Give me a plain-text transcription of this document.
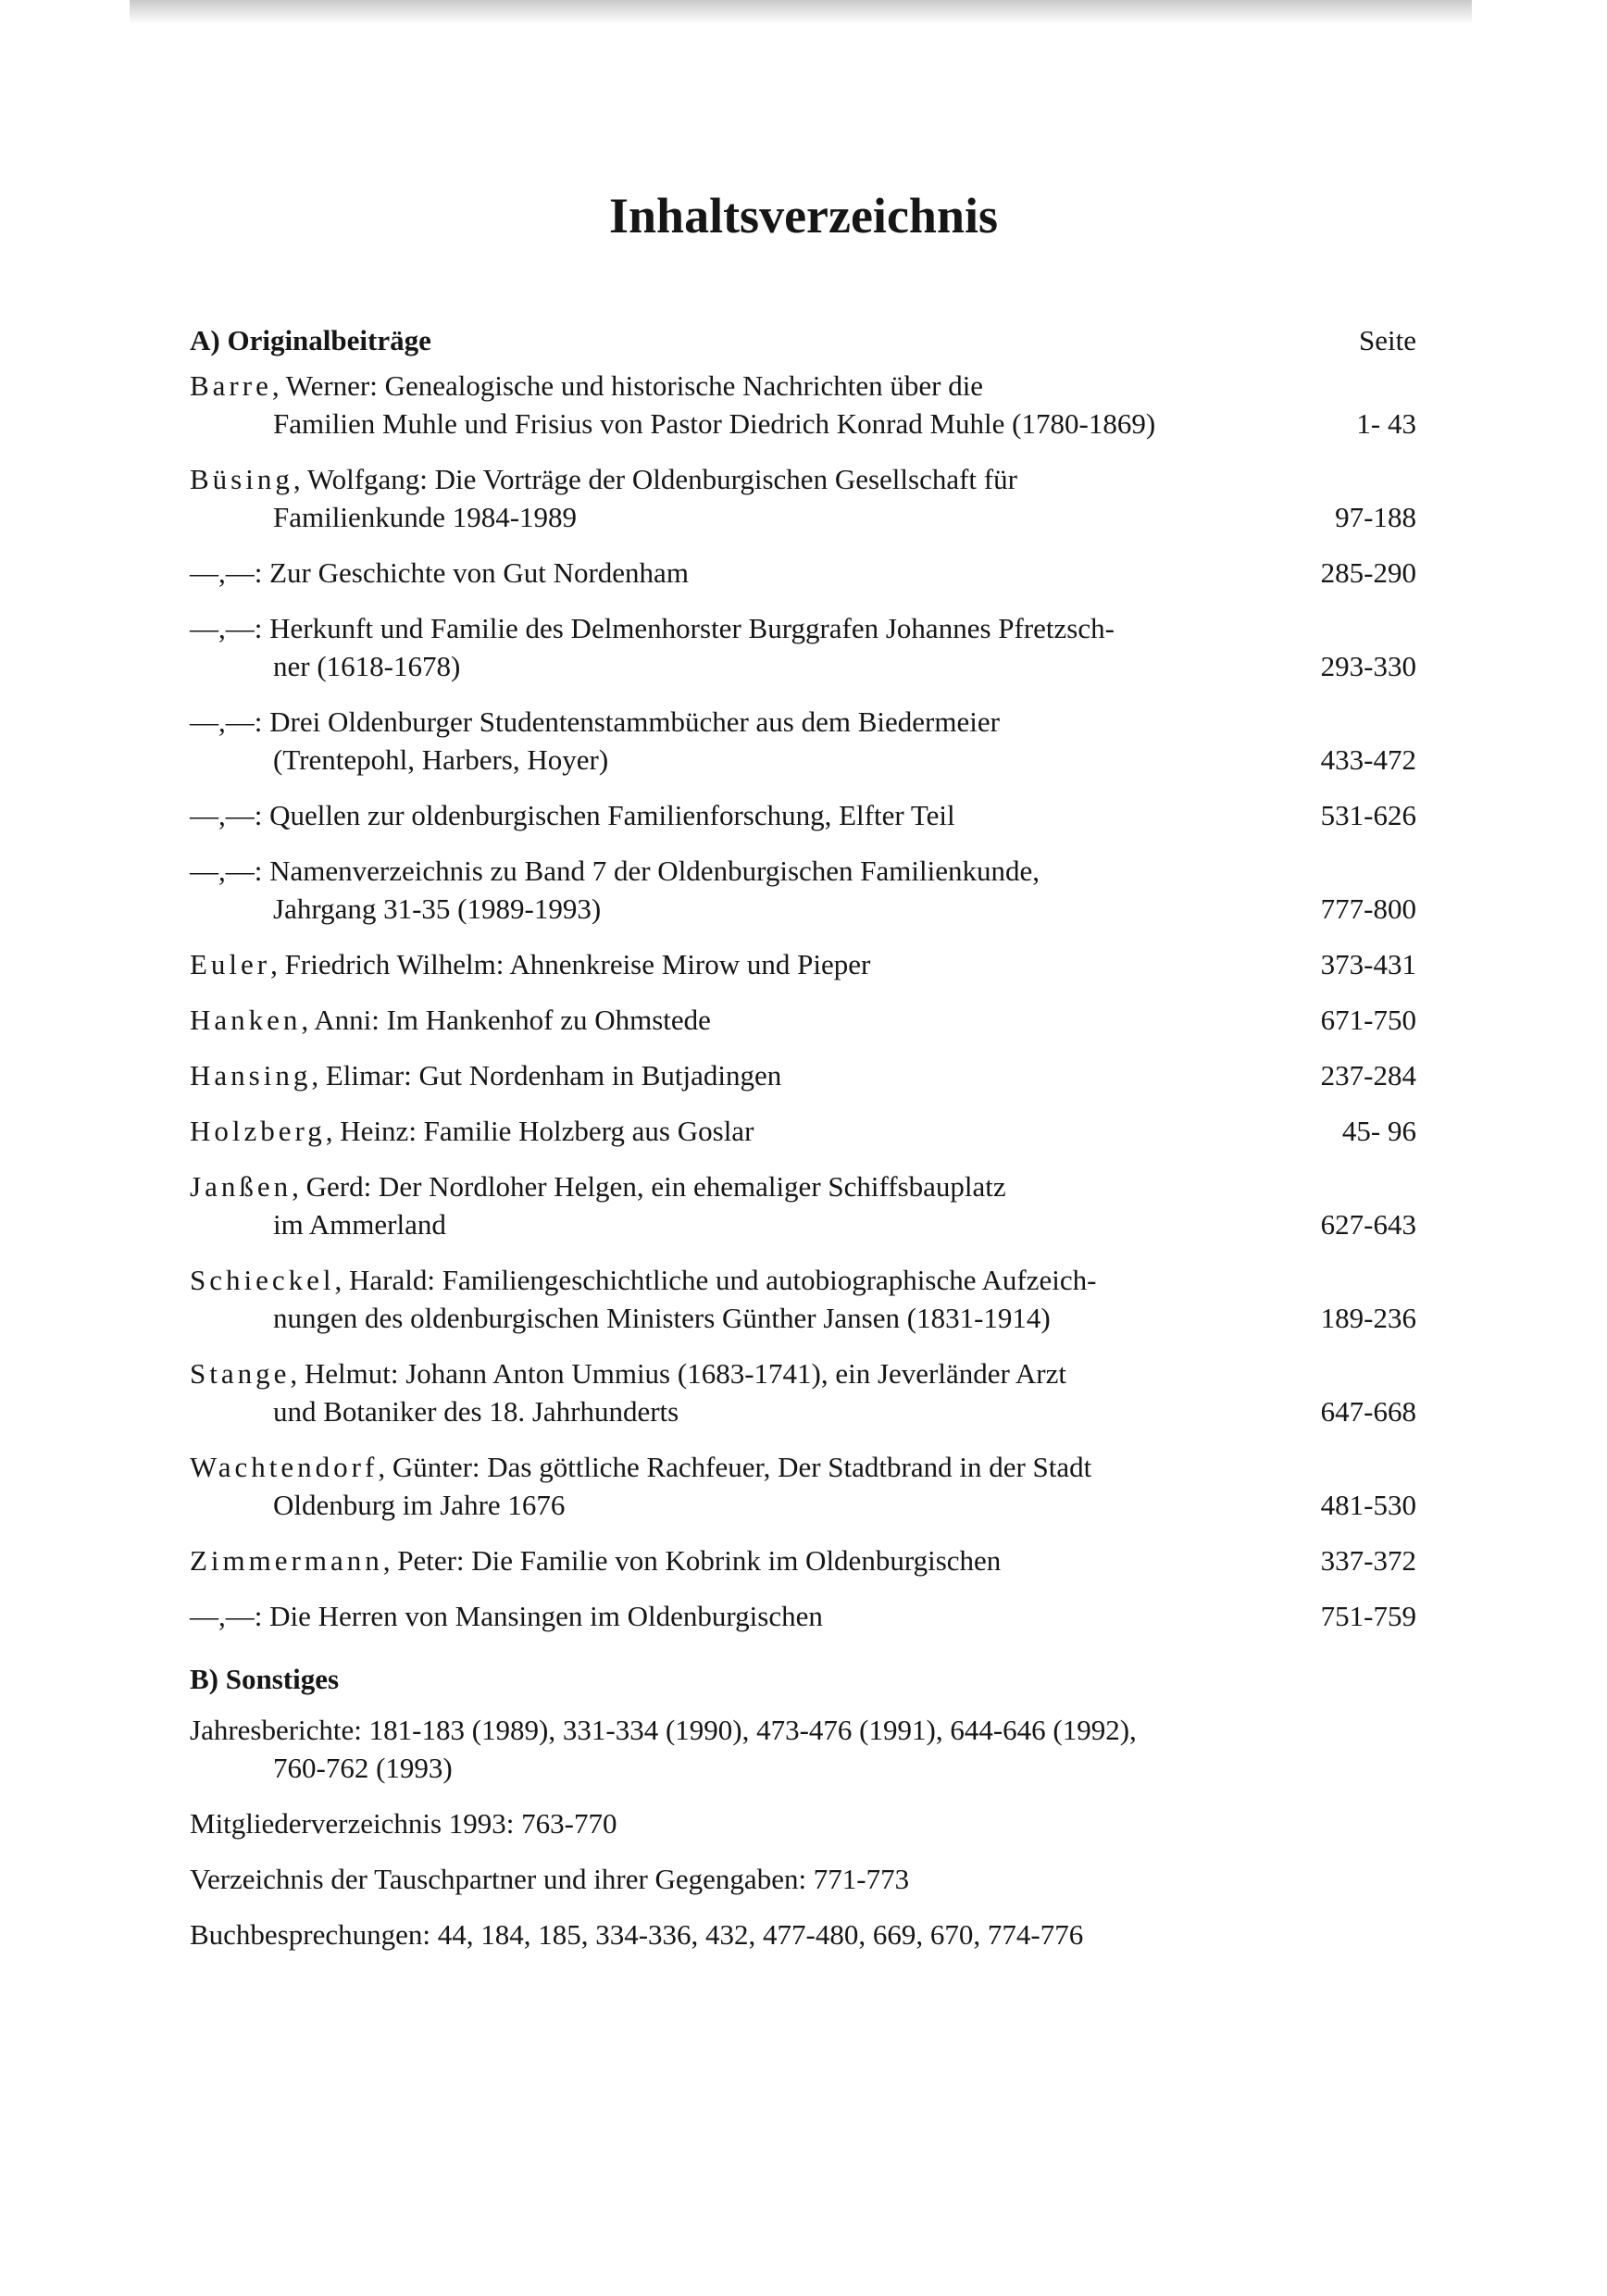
Inhaltsverzeichnis
A) Originalbeiträge	Seite
Barre, Werner: Genealogische und historische Nachrichten über die
Familien Muhle und Frisius von Pastor Diedrich Konrad Muhle (1780-1869)	1- 43
Büsing, Wolfgang: Die Vorträge der Oldenburgischen Gesellschaft für
Familienkunde 1984-1989	97-188
—,—: Zur Geschichte von Gut Nordenham	285-290
—,—: Herkunft und Familie des Delmenhorster Burggrafen Johannes Pfretzsch-
ner (1618-1678)	293-330
—,—: Drei Oldenburger Studentenstammbücher aus dem Biedermeier
(Trentepohl, Harbers, Hoyer)	433-472
—,—: Quellen zur oldenburgischen Familienforschung, Elfter Teil	531-626
—,—: Namenverzeichnis zu Band 7 der Oldenburgischen Familienkunde,
Jahrgang 31-35 (1989-1993)	777-800
Euler, Friedrich Wilhelm: Ahnenkreise Mirow und Pieper	373-431
Hanken, Anni: Im Hankenhof zu Ohmstede	671-750
Hansing, Elimar: Gut Nordenham in Butjadingen	237-284
Holzberg, Heinz: Familie Holzberg aus Goslar	45- 96
Janßen, Gerd: Der Nordloher Helgen, ein ehemaliger Schiffsbauplatz
im Ammerland	627-643
Schieckel, Harald: Familiengeschichtliche und autobiographische Aufzeich-
nungen des oldenburgischen Ministers Günther Jansen (1831-1914)	189-236
Stange, Helmut: Johann Anton Ummius (1683-1741), ein Jeverländer Arzt
und Botaniker des 18. Jahrhunderts	647-668
Wachtendorf, Günter: Das göttliche Rachfeuer, Der Stadtbrand in der Stadt
Oldenburg im Jahre 1676	481-530
Zimmermann, Peter: Die Familie von Kobrink im Oldenburgischen	337-372
—,—: Die Herren von Mansingen im Oldenburgischen	751-759
B) Sonstiges
Jahresberichte: 181-183 (1989), 331-334 (1990), 473-476 (1991), 644-646 (1992),
760-762 (1993)
Mitgliederverzeichnis 1993: 763-770
Verzeichnis der Tauschpartner und ihrer Gegengaben: 771-773
Buchbesprechungen: 44, 184, 185, 334-336, 432, 477-480, 669, 670, 774-776
